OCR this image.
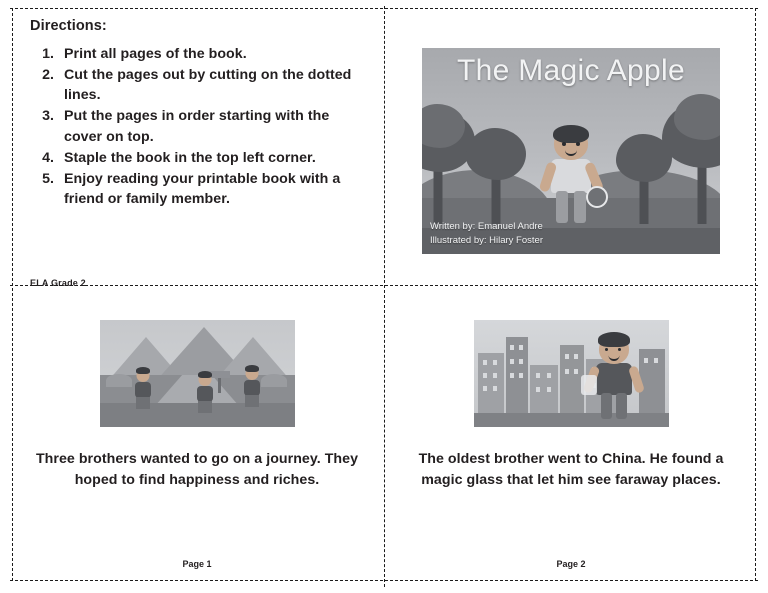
Directions:
1. Print all pages of the book.
2. Cut the pages out by cutting on the dotted lines.
3. Put the pages in order starting with the cover on top.
4. Staple the book in the top left corner.
5. Enjoy reading your printable book with a friend or family member.
ELA Grade 2
The Magic Apple
Written by: Emanuel Andre
Illustrated by: Hilary Foster
Three brothers wanted to go on a journey. They hoped to find happiness and riches.
Page 1
The oldest brother went to China. He found a magic glass that let him see faraway places.
Page 2
